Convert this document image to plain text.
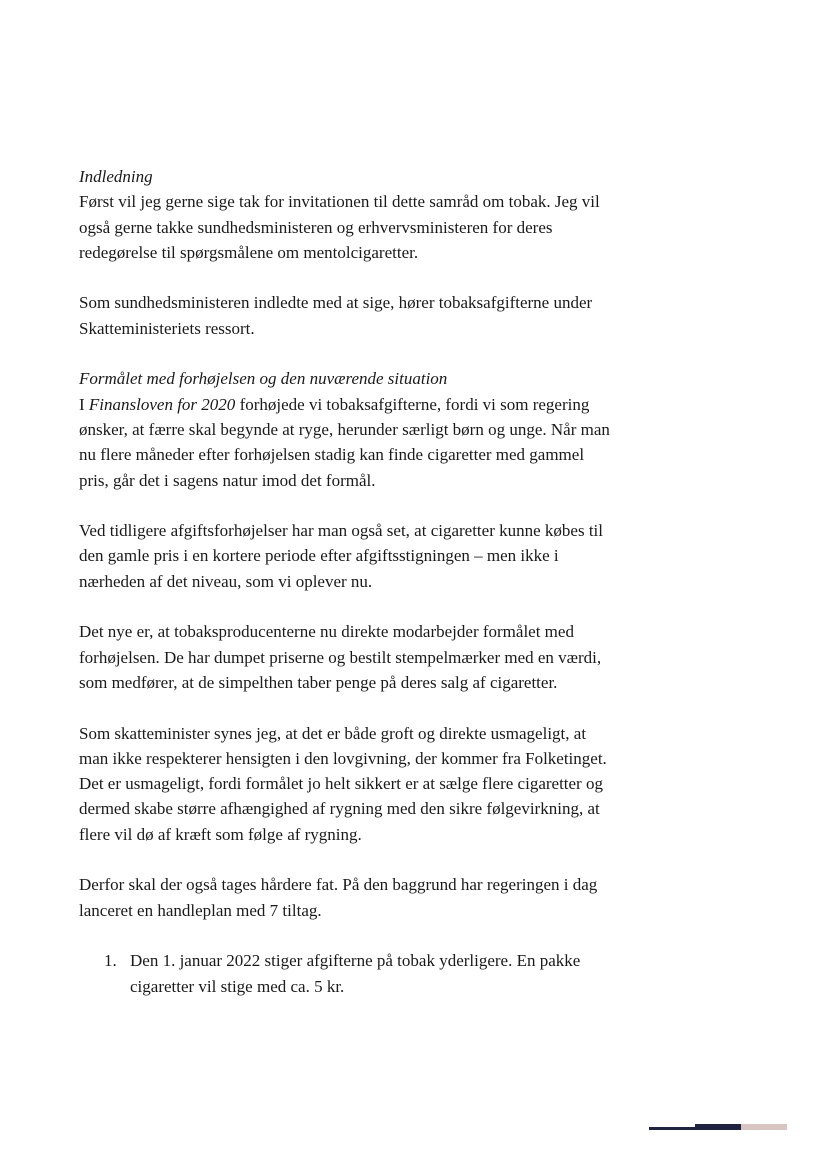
Indledning

Først vil jeg gerne sige tak for invitationen til dette samråd om tobak. Jeg vil også gerne takke sundhedsministeren og erhvervsministeren for deres redegørelse til spørgsmålene om mentolcigaretter.

Som sundhedsministeren indledte med at sige, hører tobaksafgifterne under Skatteministeriets ressort.

Formålet med forhøjelsen og den nuværende situation

I Finansloven for 2020 forhøjede vi tobaksafgifterne, fordi vi som regering ønsker, at færre skal begynde at ryge, herunder særligt børn og unge. Når man nu flere måneder efter forhøjelsen stadig kan finde cigaretter med gammel pris, går det i sagens natur imod det formål.

Ved tidligere afgiftsforhøjelser har man også set, at cigaretter kunne købes til den gamle pris i en kortere periode efter afgiftsstigningen – men ikke i nærheden af det niveau, som vi oplever nu.

Det nye er, at tobaksproducenterne nu direkte modarbejder formålet med forhøjelsen. De har dumpet priserne og bestilt stempelmærker med en værdi, som medfører, at de simpelthen taber penge på deres salg af cigaretter.

Som skatteminister synes jeg, at det er både groft og direkte usmageligt, at man ikke respekterer hensigten i den lovgivning, der kommer fra Folketinget. Det er usmageligt, fordi formålet jo helt sikkert er at sælge flere cigaretter og dermed skabe større afhængighed af rygning med den sikre følgevirkning, at flere vil dø af kræft som følge af rygning.

Derfor skal der også tages hårdere fat. På den baggrund har regeringen i dag lanceret en handleplan med 7 tiltag.

1. Den 1. januar 2022 stiger afgifterne på tobak yderligere. En pakke cigaretter vil stige med ca. 5 kr.
